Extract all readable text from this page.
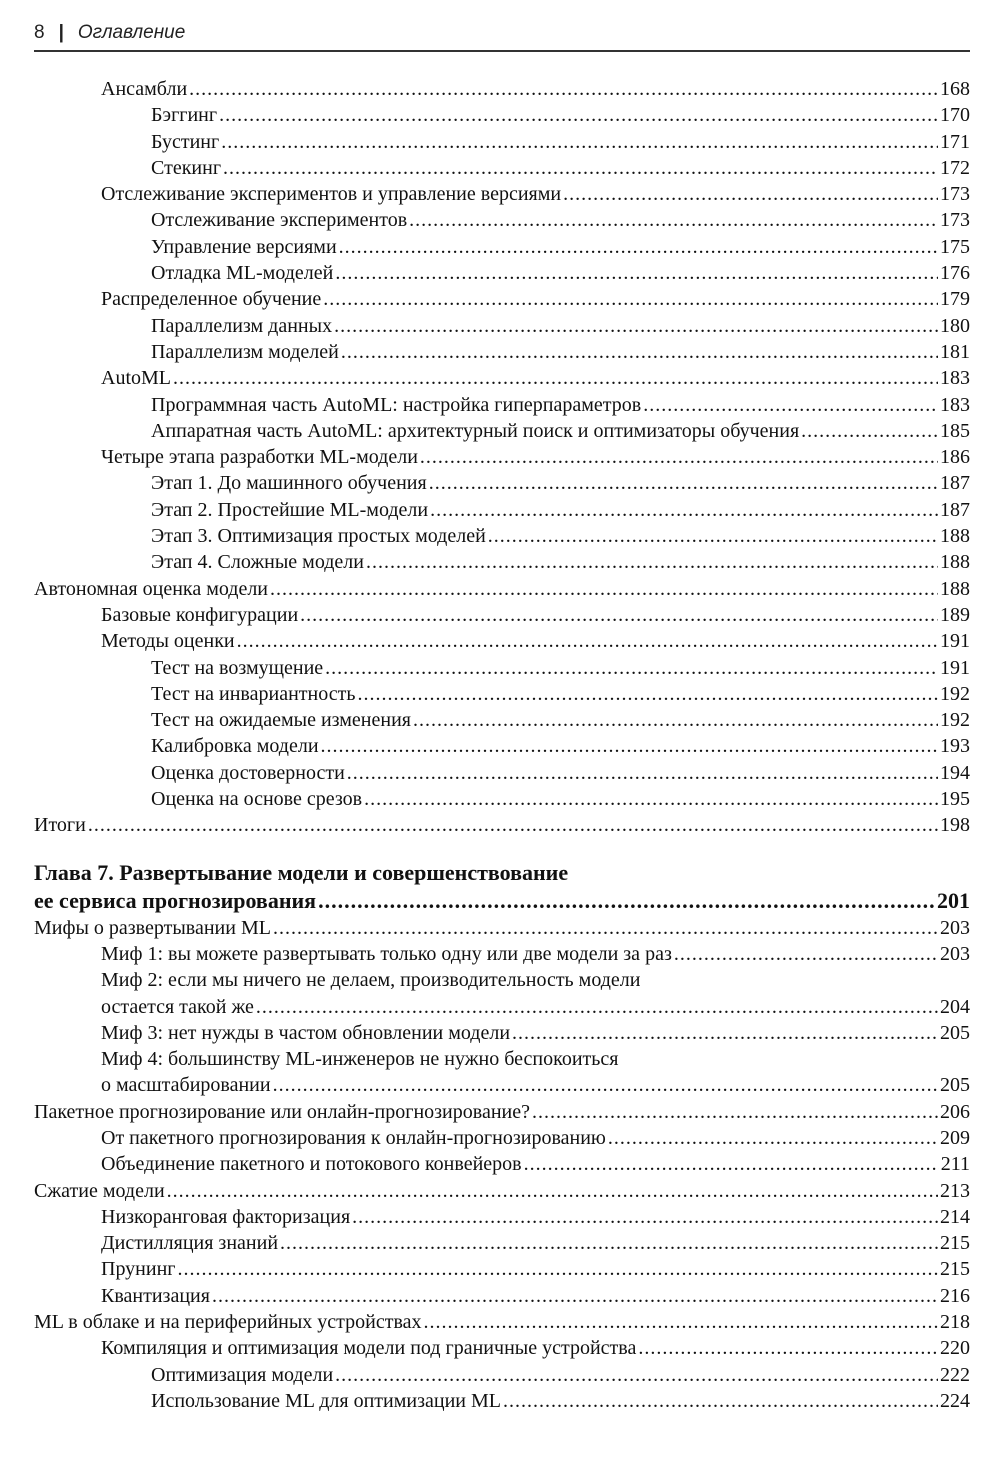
8 | Оглавление
Ансамбли .....	168
Бэггинг .....	170
Бустинг .....	171
Стекинг .....	172
Отслеживание экспериментов и управление версиями .....	173
Отслеживание экспериментов .....	173
Управление версиями .....	175
Отладка ML-моделей .....	176
Распределенное обучение .....	179
Параллелизм данных .....	180
Параллелизм моделей .....	181
AutoML .....	183
Программная часть AutoML: настройка гиперпараметров .....	183
Аппаратная часть AutoML: архитектурный поиск и оптимизаторы обучения .....	185
Четыре этапа разработки ML-модели .....	186
Этап 1. До машинного обучения .....	187
Этап 2. Простейшие ML-модели .....	187
Этап 3. Оптимизация простых моделей .....	188
Этап 4. Сложные модели .....	188
Автономная оценка модели .....	188
Базовые конфигурации .....	189
Методы оценки .....	191
Тест на возмущение .....	191
Тест на инвариантность .....	192
Тест на ожидаемые изменения .....	192
Калибровка модели .....	193
Оценка достоверности .....	194
Оценка на основе срезов .....	195
Итоги .....	198
Глава 7. Развертывание модели и совершенствование
ее сервиса прогнозирования .....	201
Мифы о развертывании ML .....	203
Миф 1: вы можете развертывать только одну или две модели за раз .....	203
Миф 2: если мы ничего не делаем, производительность модели
остается такой же .....	204
Миф 3: нет нужды в частом обновлении модели .....	205
Миф 4: большинству ML-инженеров не нужно беспокоиться
о масштабировании .....	205
Пакетное прогнозирование или онлайн-прогнозирование? .....	206
От пакетного прогнозирования к онлайн-прогнозированию .....	209
Объединение пакетного и потокового конвейеров .....	211
Сжатие модели .....	213
Низкоранговая факторизация .....	214
Дистилляция знаний .....	215
Прунинг .....	215
Квантизация .....	216
ML в облаке и на периферийных устройствах .....	218
Компиляция и оптимизация модели под граничные устройства .....	220
Оптимизация модели .....	222
Использование ML для оптимизации ML .....	224
